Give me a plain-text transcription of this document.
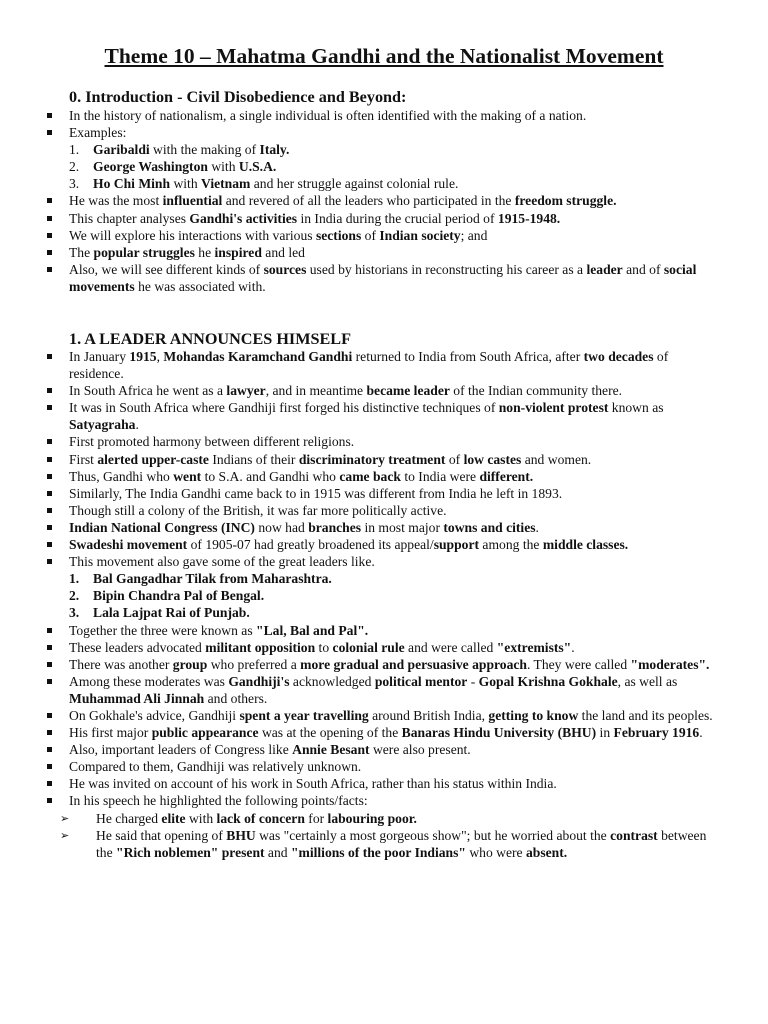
Theme 10 – Mahatma Gandhi and the Nationalist Movement
0. Introduction - Civil Disobedience and Beyond:
In the history of nationalism, a single individual is often identified with the making of a nation.
Examples:
1.	Garibaldi with the making of Italy.
2.	George Washington with U.S.A.
3.	Ho Chi Minh with Vietnam and her struggle against colonial rule.
He was the most influential and revered of all the leaders who participated in the freedom struggle.
This chapter analyses Gandhi's activities in India during the crucial period of 1915-1948.
We will explore his interactions with various sections of Indian society; and
The popular struggles he inspired and led
Also, we will see different kinds of sources used by historians in reconstructing his career as a leader and of social movements he was associated with.
1. A LEADER ANNOUNCES HIMSELF
In January 1915, Mohandas Karamchand Gandhi returned to India from South Africa, after two decades of residence.
In South Africa he went as a lawyer, and in meantime became leader of the Indian community there.
It was in South Africa where Gandhiji first forged his distinctive techniques of non-violent protest known as Satyagraha.
First promoted harmony between different religions.
First alerted upper-caste Indians of their discriminatory treatment of low castes and women.
Thus, Gandhi who went to S.A. and Gandhi who came back to India were different.
Similarly, The India Gandhi came back to in 1915 was different from India he left in 1893.
Though still a colony of the British, it was far more politically active.
Indian National Congress (INC) now had branches in most major towns and cities.
Swadeshi movement of 1905-07 had greatly broadened its appeal/support among the middle classes.
This movement also gave some of the great leaders like.
1.	Bal Gangadhar Tilak from Maharashtra.
2.	Bipin Chandra Pal of Bengal.
3.	Lala Lajpat Rai of Punjab.
Together the three were known as "Lal, Bal and Pal".
These leaders advocated militant opposition to colonial rule and were called "extremists".
There was another group who preferred a more gradual and persuasive approach. They were called "moderates".
Among these moderates was Gandhiji's acknowledged political mentor - Gopal Krishna Gokhale, as well as Muhammad Ali Jinnah and others.
On Gokhale's advice, Gandhiji spent a year travelling around British India, getting to know the land and its peoples.
His first major public appearance was at the opening of the Banaras Hindu University (BHU) in February 1916.
Also, important leaders of Congress like Annie Besant were also present.
Compared to them, Gandhiji was relatively unknown.
He was invited on account of his work in South Africa, rather than his status within India.
In his speech he highlighted the following points/facts:
➢	He charged elite with lack of concern for labouring poor.
➢	He said that opening of BHU was "certainly a most gorgeous show"; but he worried about the contrast between the "Rich noblemen" present and "millions of the poor Indians" who were absent.
